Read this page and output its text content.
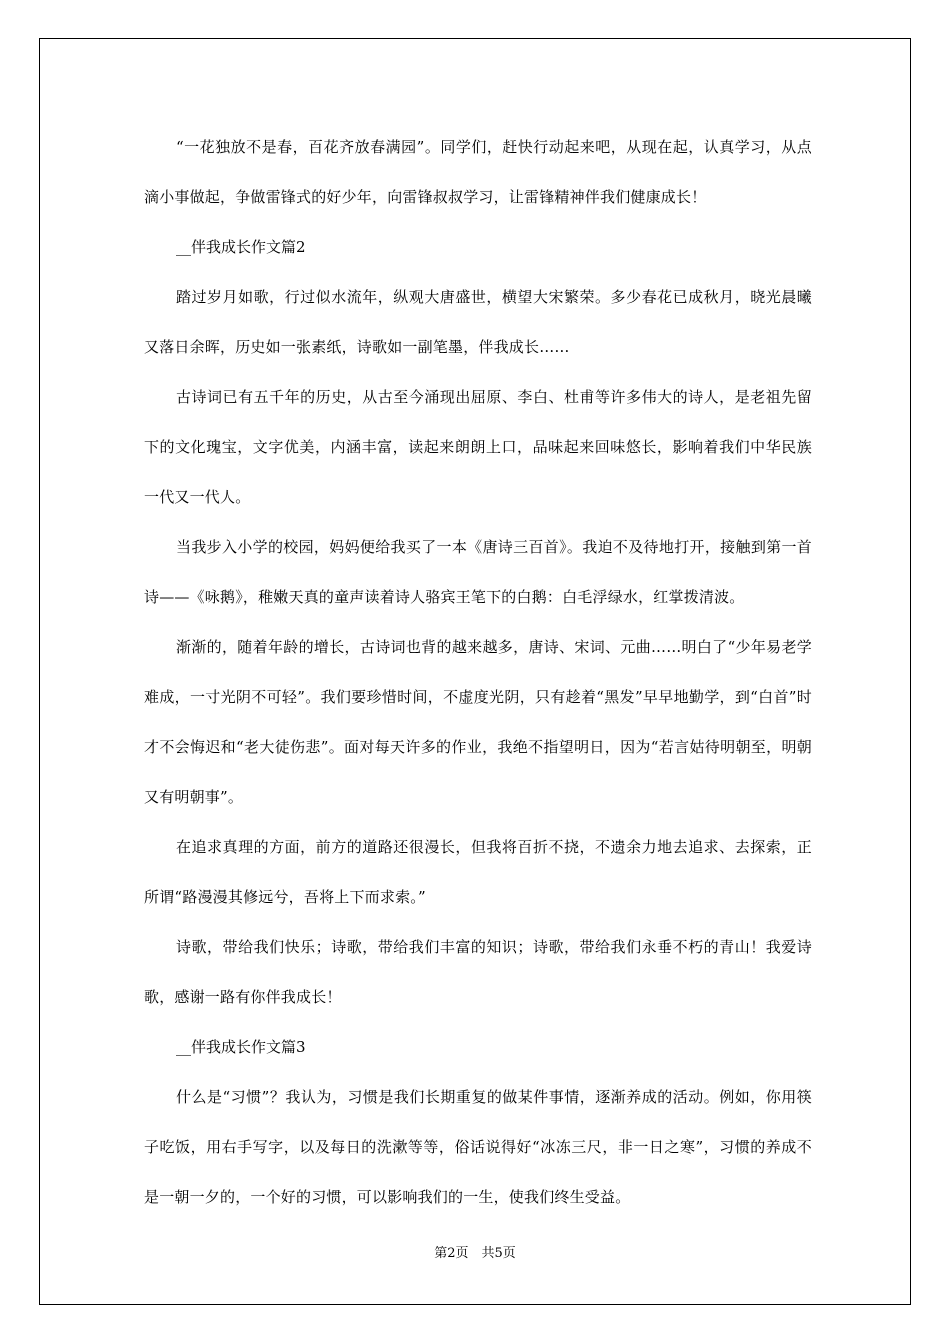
“一花独放不是春，百花齐放春满园”。同学们，赶快行动起来吧，从现在起，认真学习，从点滴小事做起，争做雷锋式的好少年，向雷锋叔叔学习，让雷锋精神伴我们健康成长！

__伴我成长作文篇2

踏过岁月如歌，行过似水流年，纵观大唐盛世，横望大宋繁荣。多少春花已成秋月，晓光晨曦又落日余晖，历史如一张素纸，诗歌如一副笔墨，伴我成长……

古诗词已有五千年的历史，从古至今涌现出屈原、李白、杜甫等许多伟大的诗人，是老祖先留下的文化瑰宝，文字优美，内涵丰富，读起来朗朗上口，品味起来回味悠长，影响着我们中华民族一代又一代人。

当我步入小学的校园，妈妈便给我买了一本《唐诗三百首》。我迫不及待地打开，接触到第一首诗——《咏鹅》，稚嫩天真的童声读着诗人骆宾王笔下的白鹅：白毛浮绿水，红掌拨清波。

渐渐的，随着年龄的增长，古诗词也背的越来越多，唐诗、宋词、元曲……明白了“少年易老学难成，一寸光阴不可轻”。我们要珍惜时间，不虚度光阴，只有趁着“黑发”早早地勤学，到“白首”时才不会悔迟和“老大徒伤悲”。面对每天许多的作业，我绝不指望明日，因为“若言姑待明朝至，明朝又有明朝事”。

在追求真理的方面，前方的道路还很漫长，但我将百折不挠，不遗余力地去追求、去探索，正所谓“路漫漫其修远兮，吾将上下而求索。”

诗歌，带给我们快乐；诗歌，带给我们丰富的知识；诗歌，带给我们永垂不朽的青山！我爱诗歌，感谢一路有你伴我成长！

__伴我成长作文篇3

什么是“习惯”？我认为，习惯是我们长期重复的做某件事情，逐渐养成的活动。例如，你用筷子吃饭，用右手写字，以及每日的洗漱等等，俗话说得好“冰冻三尺，非一日之寒”，习惯的养成不是一朝一夕的，一个好的习惯，可以影响我们的一生，使我们终生受益。

第2页　共5页
